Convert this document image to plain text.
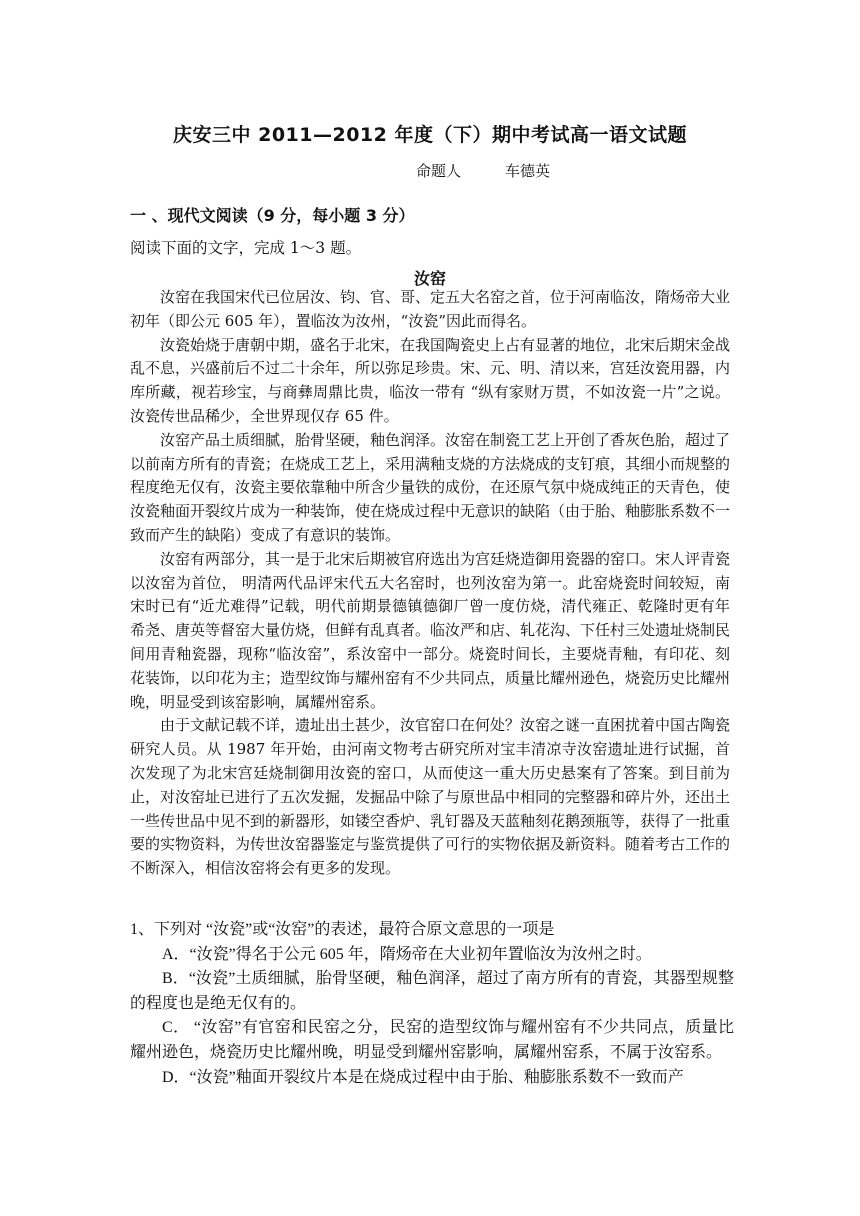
庆安三中 2011—2012 年度（下）期中考试高一语文试题
命题人	车德英
一 、现代文阅读（9 分，每小题 3 分）
阅读下面的文字，完成 1～3 题。
汝窑

汝窑在我国宋代已位居汝、钧、官、哥、定五大名窑之首，位于河南临汝，隋炀帝大业初年（即公元 605 年），置临汝为汝州，“汝瓷”因此而得名。

汝瓷始烧于唐朝中期，盛名于北宋，在我国陶瓷史上占有显著的地位，北宋后期宋金战乱不息，兴盛前后不过二十余年，所以弥足珍贵。宋、元、明、清以来，宫廷汝瓷用器，内库所藏，视若珍宝，与商彝周鼎比贵，临汝一带有 “纵有家财万贯，不如汝瓷一片”之说。汝瓷传世品稀少，全世界现仅存 65 件。

汝窑产品土质细腻，胎骨坚硬，釉色润泽。汝窑在制瓷工艺上开创了香灰色胎，超过了以前南方所有的青瓷；在烧成工艺上，采用满釉支烧的方法烧成的支钉痕，其细小而规整的程度绝无仅有，汝瓷主要依靠釉中所含少量铁的成份，在还原气氛中烧成纯正的天青色，使汝瓷釉面开裂纹片成为一种装饰，使在烧成过程中无意识的缺陷（由于胎、釉膨胀系数不一致而产生的缺陷）变成了有意识的装饰。

汝窑有两部分，其一是于北宋后期被官府选出为宫廷烧造御用瓷器的窑口。宋人评青瓷以汝窑为首位， 明清两代品评宋代五大名窑时，也列汝窑为第一。此窑烧瓷时间较短，南宋时已有“近尤难得”记载，明代前期景德镇德御厂曾一度仿烧，清代雍正、乾隆时更有年希尧、唐英等督窑大量仿烧，但鲜有乱真者。临汝严和店、轧花沟、下任村三处遗址烧制民间用青釉瓷器，现称“临汝窑”，系汝窑中一部分。烧瓷时间长，主要烧青釉，有印花、刻花装饰，以印花为主；造型纹饰与耀州窑有不少共同点，质量比耀州逊色，烧瓷历史比耀州晚，明显受到该窑影响，属耀州窑系。

由于文献记载不详，遗址出土甚少，汝官窑口在何处？汝窑之谜一直困扰着中国古陶瓷研究人员。从 1987 年开始，由河南文物考古研究所对宝丰清凉寺汝窑遗址进行试掘，首次发现了为北宋宫廷烧制御用汝瓷的窑口，从而使这一重大历史悬案有了答案。到目前为止，对汝窑址已进行了五次发掘，发掘品中除了与原世品中相同的完整器和碎片外，还出土一些传世品中见不到的新器形，如镂空香炉、乳钉器及天蓝釉刻花鹅颈瓶等，获得了一批重要的实物资料，为传世汝窑器鉴定与鉴赏提供了可行的实物依据及新资料。随着考古工作的不断深入，相信汝窑将会有更多的发现。

1、下列对 “汝瓷”或“汝窑”的表述，最符合原文意思的一项是

A．“汝瓷”得名于公元 605 年，隋炀帝在大业初年置临汝为汝州之时。

B．“汝瓷”土质细腻，胎骨坚硬，釉色润泽，超过了南方所有的青瓷，其器型规整的程度也是绝无仅有的。

C． “汝窑”有官窑和民窑之分，民窑的造型纹饰与耀州窑有不少共同点，质量比耀州逊色，烧瓷历史比耀州晚，明显受到耀州窑影响，属耀州窑系，不属于汝窑系。

D．“汝瓷”釉面开裂纹片本是在烧成过程中由于胎、釉膨胀系数不一致而产
